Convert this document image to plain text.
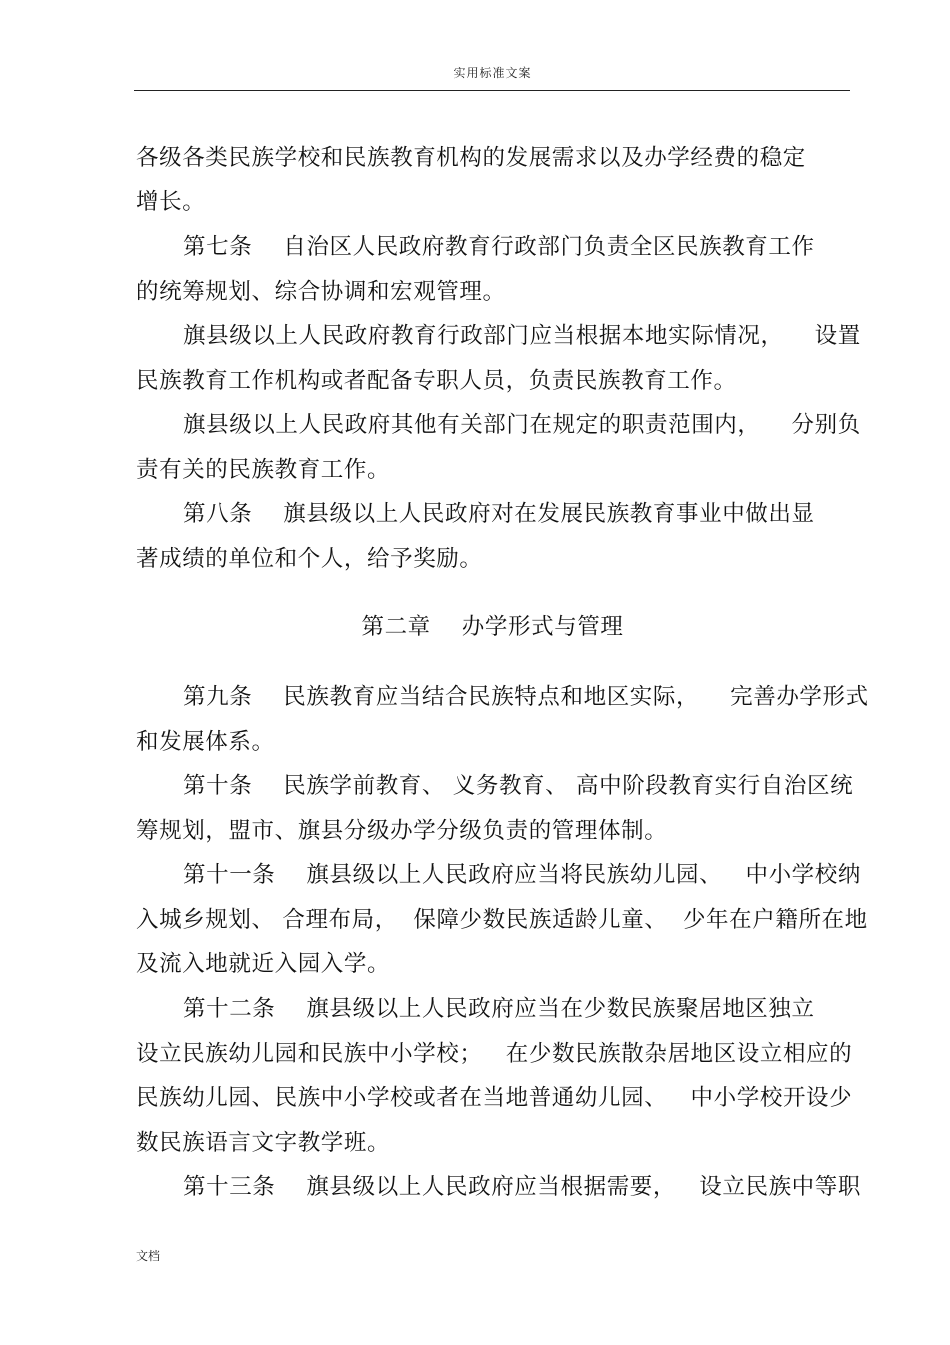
实用标准文案
各级各类民族学校和民族教育机构的发展需求以及办学经费的稳定
增长。
第七条    自治区人民政府教育行政部门负责全区民族教育工作
的统筹规划、综合协调和宏观管理。
旗县级以上人民政府教育行政部门应当根据本地实际情况，    设置
民族教育工作机构或者配备专职人员，负责民族教育工作。
旗县级以上人民政府其他有关部门在规定的职责范围内，    分别负
责有关的民族教育工作。
第八条    旗县级以上人民政府对在发展民族教育事业中做出显
著成绩的单位和个人，给予奖励。
第二章    办学形式与管理
第九条    民族教育应当结合民族特点和地区实际，    完善办学形式
和发展体系。
第十条    民族学前教育、 义务教育、 高中阶段教育实行自治区统
筹规划，盟市、旗县分级办学分级负责的管理体制。
第十一条    旗县级以上人民政府应当将民族幼儿园、   中小学校纳
入城乡规划、 合理布局，  保障少数民族适龄儿童、  少年在户籍所在地
及流入地就近入园入学。
第十二条    旗县级以上人民政府应当在少数民族聚居地区独立
设立民族幼儿园和民族中小学校；   在少数民族散杂居地区设立相应的
民族幼儿园、民族中小学校或者在当地普通幼儿园、   中小学校开设少
数民族语言文字教学班。
第十三条    旗县级以上人民政府应当根据需要，   设立民族中等职
文档
